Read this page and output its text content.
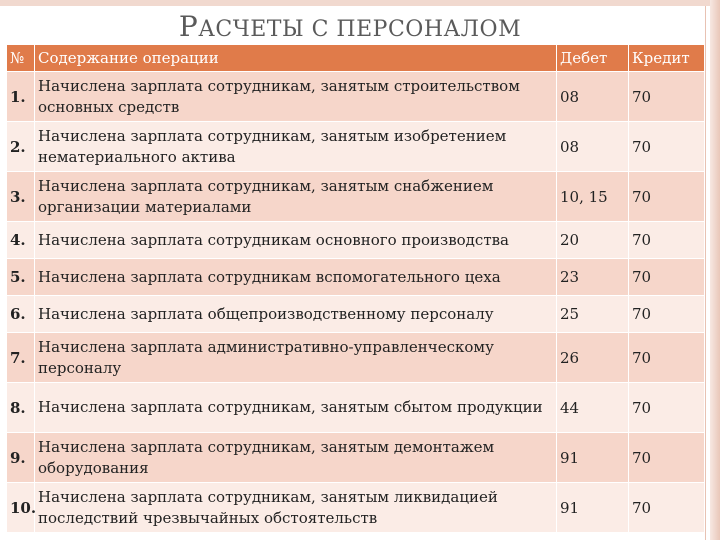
РАСЧЕТЫ С ПЕРСОНАЛОМ
№	Содержание операции	Дебет	Кредит
1.	Начислена зарплата сотрудникам, занятым строительством основных средств	08	70
2.	Начислена зарплата сотрудникам, занятым изобретением нематериального актива	08	70
3.	Начислена зарплата сотрудникам, занятым снабжением организации материалами	10, 15	70
4.	Начислена зарплата сотрудникам основного производства	20	70
5.	Начислена зарплата сотрудникам вспомогательного цеха	23	70
6.	Начислена зарплата общепроизводственному персоналу	25	70
7.	Начислена зарплата административно-управленческому персоналу	26	70
8.	Начислена зарплата сотрудникам, занятым сбытом продукции	44	70
9.	Начислена зарплата сотрудникам, занятым демонтажем оборудования	91	70
10.	Начислена зарплата сотрудникам, занятым ликвидацией последствий чрезвычайных обстоятельств	91	70
